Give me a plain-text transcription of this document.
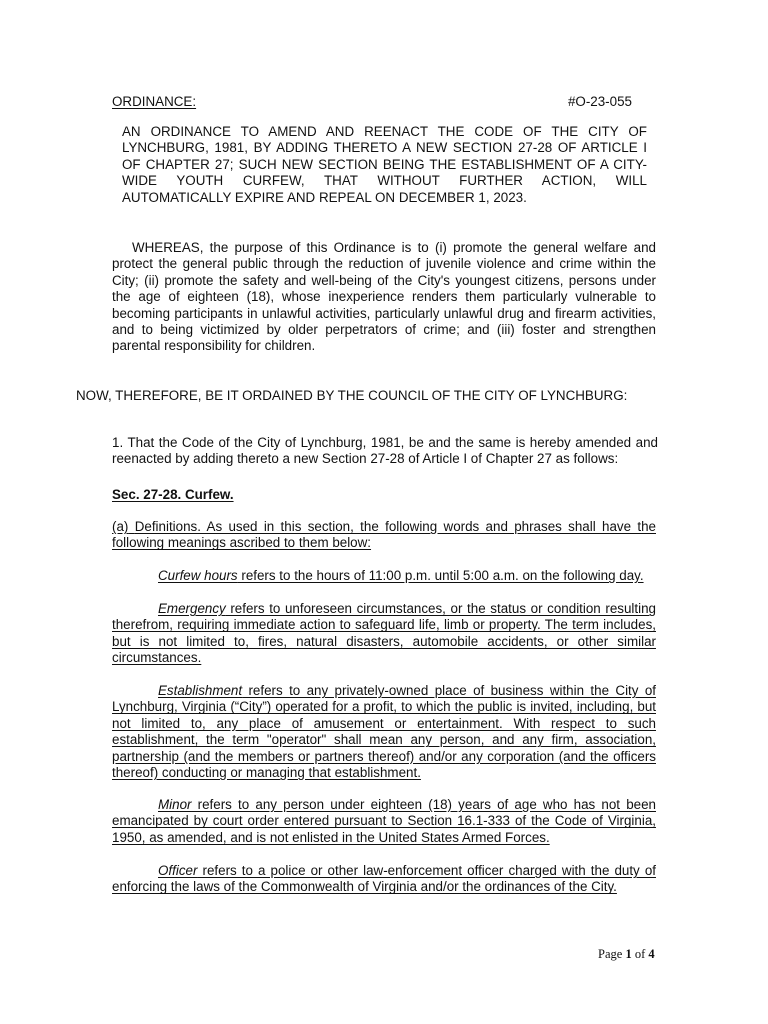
ORDINANCE:	#O-23-055
AN ORDINANCE TO AMEND AND REENACT THE CODE OF THE CITY OF LYNCHBURG, 1981, BY ADDING THERETO A NEW SECTION 27-28 OF ARTICLE I OF CHAPTER 27; SUCH NEW SECTION BEING THE ESTABLISHMENT OF A CITY-WIDE YOUTH CURFEW, THAT WITHOUT FURTHER ACTION, WILL AUTOMATICALLY EXPIRE AND REPEAL ON DECEMBER 1, 2023.
WHEREAS, the purpose of this Ordinance is to (i) promote the general welfare and protect the general public through the reduction of juvenile violence and crime within the City; (ii) promote the safety and well-being of the City's youngest citizens, persons under the age of eighteen (18), whose inexperience renders them particularly vulnerable to becoming participants in unlawful activities, particularly unlawful drug and firearm activities, and to being victimized by older perpetrators of crime; and (iii) foster and strengthen parental responsibility for children.
NOW, THEREFORE, BE IT ORDAINED BY THE COUNCIL OF THE CITY OF LYNCHBURG:
1. That the Code of the City of Lynchburg, 1981, be and the same is hereby amended and reenacted by adding thereto a new Section 27-28 of Article I of Chapter 27 as follows:
Sec. 27-28. Curfew.
(a) Definitions. As used in this section, the following words and phrases shall have the following meanings ascribed to them below:
Curfew hours refers to the hours of 11:00 p.m. until 5:00 a.m. on the following day.
Emergency refers to unforeseen circumstances, or the status or condition resulting therefrom, requiring immediate action to safeguard life, limb or property. The term includes, but is not limited to, fires, natural disasters, automobile accidents, or other similar circumstances.
Establishment refers to any privately-owned place of business within the City of Lynchburg, Virginia (“City”) operated for a profit, to which the public is invited, including, but not limited to, any place of amusement or entertainment. With respect to such establishment, the term "operator" shall mean any person, and any firm, association, partnership (and the members or partners thereof) and/or any corporation (and the officers thereof) conducting or managing that establishment.
Minor refers to any person under eighteen (18) years of age who has not been emancipated by court order entered pursuant to Section 16.1-333 of the Code of Virginia, 1950, as amended, and is not enlisted in the United States Armed Forces.
Officer refers to a police or other law-enforcement officer charged with the duty of enforcing the laws of the Commonwealth of Virginia and/or the ordinances of the City.
Page 1 of 4
